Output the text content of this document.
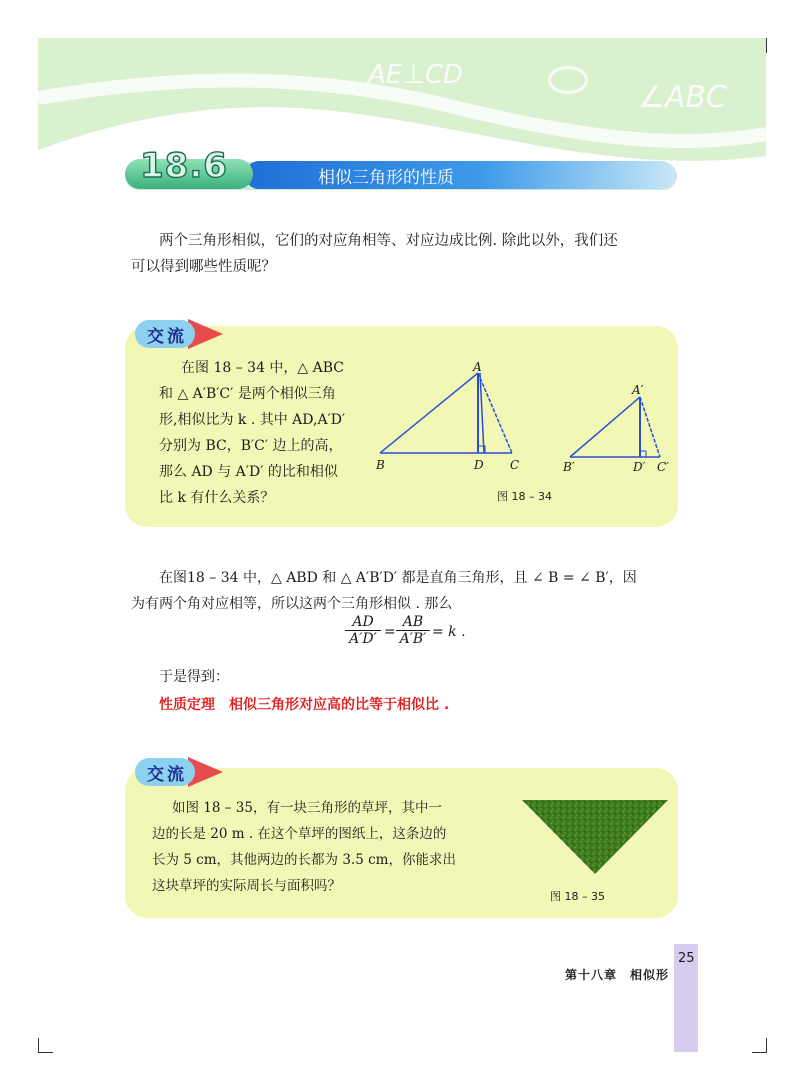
AE⊥CD
∠ABC
18.6	相似三角形的性质
两个三角形相似，它们的对应角相等、对应边成比例. 除此以外，我们还
可以得到哪些性质呢？
交流
在图 18 – 34 中，△ ABC
和 △ A′B′C′ 是两个相似三角
形,相似比为 k . 其中 AD,A′D′
分别为 BC，B′C′ 边上的高，
那么 AD 与 A′D′ 的比和相似
比 k 有什么关系？
A
B	D C
A′
B′	D′ C′
图 18 – 34
在图18 – 34 中，△ ABD 和 △ A′B′D′ 都是直角三角形，且 ∠ B = ∠ B′，因
为有两个角对应相等，所以这两个三角形相似 . 那么
$\frac{AD}{A'D'} = \frac{AB}{A'B'} = k$ .
于是得到：
性质定理　相似三角形对应高的比等于相似比 .
交流
如图 18 – 35，有一块三角形的草坪，其中一
边的长是 20 m . 在这个草坪的图纸上，这条边的
长为 5 cm，其他两边的长都为 3.5 cm，你能求出
这块草坪的实际周长与面积吗？
图 18 – 35
第十八章　相似形
25
